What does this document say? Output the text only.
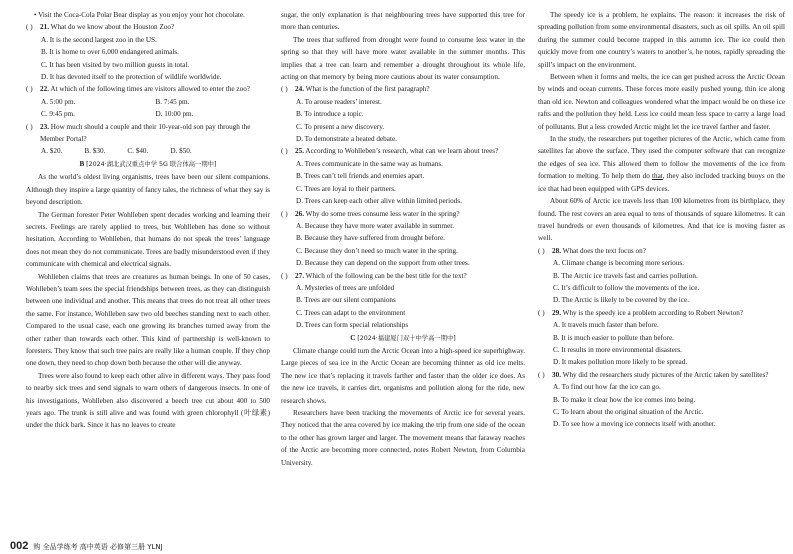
• Visit the Coca-Cola Polar Bear display as you enjoy your hot chocolate.

( ) 21. What do we know about the Houston Zoo?

A. It is the second largest zoo in the US.

B. It is home to over 6,000 endangered animals.

C. It has been visited by two million guests in total.

D. It has devoted itself to the protection of wildlife worldwide.

( ) 22. At which of the following times are visitors allowed to enter the zoo?
A. 5:00 pm.	B. 7:45 pm.
C. 9:45 pm.	D. 10:00 pm.
( ) 23. How much should a couple and their 10-year-old son pay through the Member Portal?
A. $20.	B. $30.	C. $40.	D. $50.

B [2024·湖北武汉重点中学 5G 联合体高一期中]

As the world’s oldest living organisms, trees have been our silent companions. Although they inspire a large quantity of fancy tales, the richness of what they say is beyond description.

The German forester Peter Wohlleben spent decades working and learning their secrets. Feelings are rarely applied to trees, but Wohlleben has done so without hesitation. According to Wohlleben, that humans do not speak the trees’ language does not mean they do not communicate. Trees are badly misunderstood even if they communicate with chemical and electrical signals.

Wohlleben claims that trees are creatures as human beings. In one of 50 cases, Wohlleben’s team sees the special friendships between trees, as they can distinguish between one individual and another. This means that trees do not treat all other trees the same. For instance, Wohlleben saw two old beeches standing next to each other. Compared to the usual case, each one growing its branches turned away from the other rather than towards each other. This kind of partnership is well-known to foresters. They know that such tree pairs are really like a human couple. If they chop one down, they need to chop down both because the other will die anyway.

Trees were also found to keep each other alive in different ways. They pass food to nearby sick trees and send signals to warn others of dangerous insects. In one of his investigations, Wohlleben also discovered a beech tree cut about 400 to 500 years ago. The trunk is still alive and was found with green chlorophyll (叶绿素) under the thick bark. Since it has no leaves to create

sugar, the only explanation is that neighbouring trees have supported this tree for more than centuries.

The trees that suffered from drought were found to consume less water in the spring so that they will have more water available in the summer months. This implies that a tree can learn and remember a drought throughout its whole life, acting on that memory by being more cautious about its water consumption.

( ) 24. What is the function of the first paragraph?

A. To arouse readers’ interest.

B. To introduce a topic.

C. To present a new discovery.

D. To demonstrate a heated debate.

( ) 25. According to Wohlleben’s research, what can we learn about trees?

A. Trees communicate in the same way as humans.

B. Trees can’t tell friends and enemies apart.

C. Trees are loyal to their partners.

D. Trees can keep each other alive within limited periods.

( ) 26. Why do some trees consume less water in the spring?

A. Because they have more water available in summer.

B. Because they have suffered from drought before.

C. Because they don’t need so much water in the spring.

D. Because they can depend on the support from other trees.

( ) 27. Which of the following can be the best title for the text?

A. Mysteries of trees are unfolded

B. Trees are our silent companions

C. Trees can adapt to the environment

D. Trees can form special relationships

C [2024·福建厦门双十中学高一期中]

Climate change could turn the Arctic Ocean into a high-speed ice superhighway. Large pieces of sea ice in the Arctic Ocean are becoming thinner as old ice melts. The new ice that’s replacing it travels farther and faster than the older ice does. As the new ice travels, it carries dirt, organisms and pollution along for the ride, new research shows.

Researchers have been tracking the movements of Arctic ice for several years. They noticed that the area covered by ice making the trip from one side of the ocean to the other has grown larger and larger. The movement means that faraway reaches of the Arctic are becoming more connected, notes Robert Newton, from Columbia University.

The speedy ice is a problem, he explains. The reason: it increases the risk of spreading pollution from some environmental disasters, such as oil spills. An oil spill during the summer could become trapped in this autumn ice. The ice could then quickly move from one country’s waters to another’s, he notes, rapidly spreading the spill’s impact on the environment.

Between when it forms and melts, the ice can get pushed across the Arctic Ocean by winds and ocean currents. These forces more easily pushed young, thin ice along than old ice. Newton and colleagues wondered what the impact would be on these ice rafts and the pollution they held. Less ice could mean less space to carry a large load of pollutants. But a less crowded Arctic might let the ice travel farther and faster.

In the study, the researchers put together pictures of the Arctic, which came from satellites far above the surface. They used the computer software that can recognize the edges of sea ice. This allowed them to follow the movements of the ice from formation to melting. To help them do that, they also included tracking buoys on the ice that had been equipped with GPS devices.

About 60% of Arctic ice travels less than 100 kilometres from its birthplace, they found. The rest covers an area equal to tens of thousands of square kilometres. It can travel hundreds or even thousands of kilometres. And that ice is moving faster as well.

( ) 28. What does the text focus on?

A. Climate change is becoming more serious.

B. The Arctic ice travels fast and carries pollution.

C. It’s difficult to follow the movements of the ice.

D. The Arctic is likely to be covered by the ice.

( ) 29. Why is the speedy ice a problem according to Robert Newton?

A. It travels much faster than before.

B. It is much easier to pollute than before.

C. It results in more environmental disasters.

D. It makes pollution more likely to be spread.

( ) 30. Why did the researchers study pictures of the Arctic taken by satellites?

A. To find out how far the ice can go.

B. To make it clear how the ice comes into being.

C. To learn about the original situation of the Arctic.

D. To see how a moving ice connects itself with another.

002 购 全品学练考 高中英语 必修第三册 YLNJ
